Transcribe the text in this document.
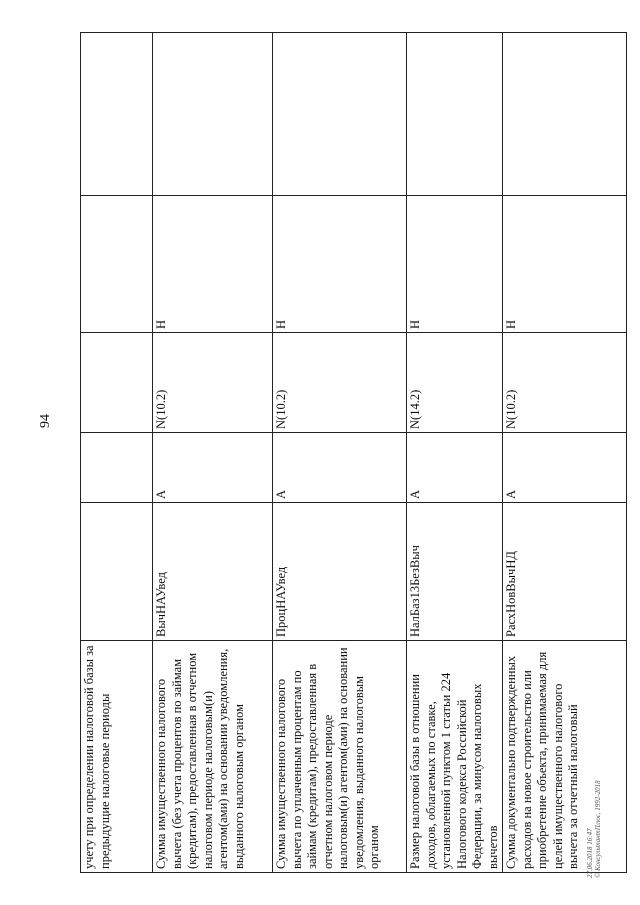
94
учету при определении налоговой базы за предыдущие налоговые периоды					
Сумма имущественного налогового вычета (без учета процентов по займам (кредитам), предоставленная в отчетном налоговом периоде налоговым(и) агентом(ами) на основании уведомления, выданного налоговым органом	ВычНАУвед	А	N(10.2)	Н	
Сумма имущественного налогового вычета по уплаченным процентам по займам (кредитам), предоставленная в отчетном налоговом периоде налоговым(и) агентом(ами) на основании уведомления, выданного налоговым органом	ПроцНАУвед	А	N(10.2)	Н	
Размер налоговой базы в отношении доходов, облагаемых по ставке, установленной пунктом 1 статьи 224 Налогового кодекса Российской Федерации, за минусом налоговых вычетов	НалБаз13БезВыч	А	N(14.2)	Н	
Сумма документально подтвержденных расходов на новое строительство или приобретение объекта, принимаемая для целей имущественного налогового вычета за отчетный налоговый	РасхНовВычНД	А	N(10.2)	Н	
27.06.2018 16:47 © КонсультантПлюс, 1992-2018
